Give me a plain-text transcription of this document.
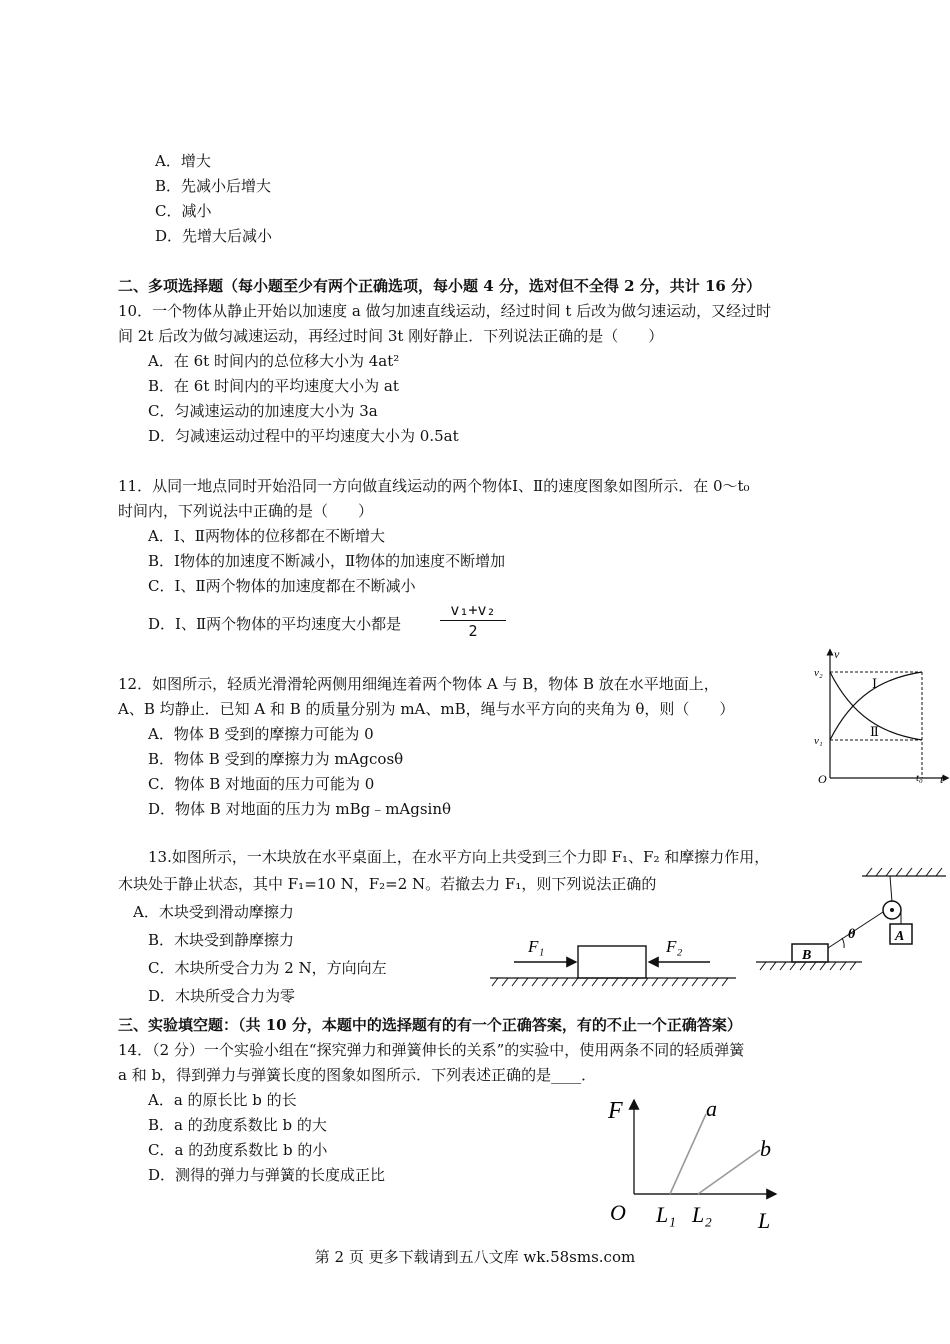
A．增大
B．先减小后增大
C．减小
D．先增大后减小
二、多项选择题（每小题至少有两个正确选项，每小题 4 分，选对但不全得 2 分，共计 16 分）
10．一个物体从静止开始以加速度 a 做匀加速直线运动，经过时间 t 后改为做匀速运动，又经过时
间 2t 后改为做匀减速运动，再经过时间 3t 刚好静止．下列说法正确的是（　　）
A．在 6t 时间内的总位移大小为 4at²
B．在 6t 时间内的平均速度大小为 at
C．匀减速运动的加速度大小为 3a
D．匀减速运动过程中的平均速度大小为 0.5at
11．从同一地点同时开始沿同一方向做直线运动的两个物体Ⅰ、Ⅱ的速度图象如图所示．在 0～t₀
时间内，下列说法中正确的是（　　）
A．Ⅰ、Ⅱ两物体的位移都在不断增大
B．Ⅰ物体的加速度不断减小，Ⅱ物体的加速度不断增加
C．Ⅰ、Ⅱ两个物体的加速度都在不断减小
D．Ⅰ、Ⅱ两个物体的平均速度大小都是	$\frac{\text{v₁+v₂}}{2}$
12．如图所示，轻质光滑滑轮两侧用细绳连着两个物体 A 与 B，物体 B 放在水平地面上，
A、B 均静止．已知 A 和 B 的质量分别为 mA、mB，绳与水平方向的夹角为 θ，则（　　）
A．物体 B 受到的摩擦力可能为 0
B．物体 B 受到的摩擦力为 mAgcosθ
C．物体 B 对地面的压力可能为 0
D．物体 B 对地面的压力为 mBg﹣mAgsinθ
v
v₂
v₁
O	t
t₀
Ⅰ
Ⅱ
13.如图所示，一木块放在水平桌面上，在水平方向上共受到三个力即 F₁、F₂ 和摩擦力作用，
木块处于静止状态，其中 F₁=10 N，F₂=2 N。若撤去力 F₁，则下列说法正确的
A．木块受到滑动摩擦力
B．木块受到静摩擦力
C．木块所受合力为 2 N，方向向左
D．木块所受合力为零
A
B
θ
F₁	F₂
三、实验填空题：（共 10 分，本题中的选择题有的有一个正确答案，有的不止一个正确答案）
14．（2 分）一个实验小组在“探究弹力和弹簧伸长的关系”的实验中，使用两条不同的轻质弹簧
a 和 b，得到弹力与弹簧长度的图象如图所示．下列表述正确的是____．
A．a 的原长比 b 的长
B．a 的劲度系数比 b 的大
C．a 的劲度系数比 b 的小
D．测得的弹力与弹簧的长度成正比
F
O L₁ L₂ L
a
b
第 2 页 更多下载请到五八文库 wk.58sms.com
